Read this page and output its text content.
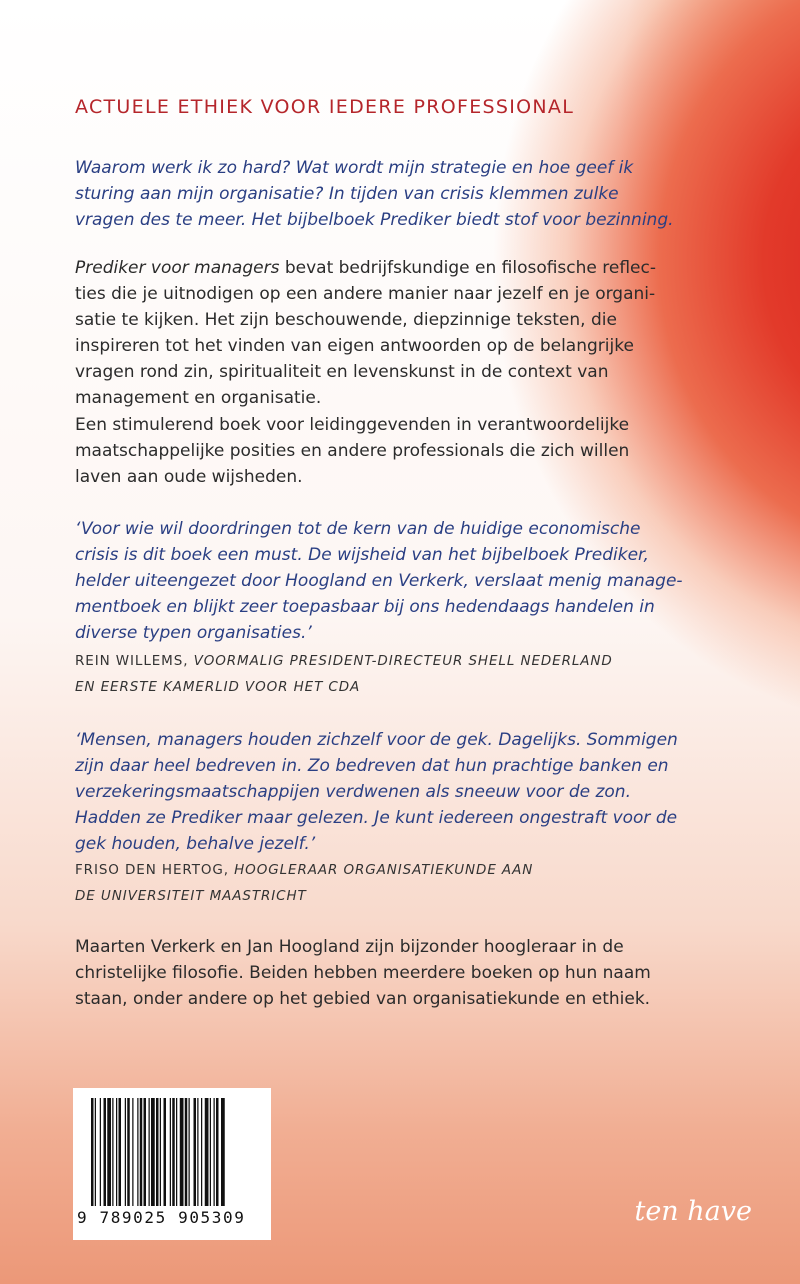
ACTUELE ETHIEK VOOR IEDERE PROFESSIONAL

Waarom werk ik zo hard? Wat wordt mijn strategie en hoe geef ik
sturing aan mijn organisatie? In tijden van crisis klemmen zulke
vragen des te meer. Het bijbelboek Prediker biedt stof voor bezinning.

Prediker voor managers bevat bedrijfskundige en filosofische reflec-
ties die je uitnodigen op een andere manier naar jezelf en je organi-
satie te kijken. Het zijn beschouwende, diepzinnige teksten, die
inspireren tot het vinden van eigen antwoorden op de belangrijke
vragen rond zin, spiritualiteit en levenskunst in de context van
management en organisatie.

Een stimulerend boek voor leidinggevenden in verantwoordelijke
maatschappelijke posities en andere professionals die zich willen
laven aan oude wijsheden.

‘Voor wie wil doordringen tot de kern van de huidige economische
crisis is dit boek een must. De wijsheid van het bijbelboek Prediker,
helder uiteengezet door Hoogland en Verkerk, verslaat menig manage-
mentboek en blijkt zeer toepasbaar bij ons hedendaags handelen in
diverse typen organisaties.’

REIN WILLEMS, VOORMALIG PRESIDENT-DIRECTEUR SHELL NEDERLAND
EN EERSTE KAMERLID VOOR HET CDA

‘Mensen, managers houden zichzelf voor de gek. Dagelijks. Sommigen
zijn daar heel bedreven in. Zo bedreven dat hun prachtige banken en
verzekeringsmaatschappijen verdwenen als sneeuw voor de zon.
Hadden ze Prediker maar gelezen. Je kunt iedereen ongestraft voor de
gek houden, behalve jezelf.’

FRISO DEN HERTOG, HOOGLERAAR ORGANISATIEKUNDE AAN
DE UNIVERSITEIT MAASTRICHT

Maarten Verkerk en Jan Hoogland zijn bijzonder hoogleraar in de
christelijke filosofie. Beiden hebben meerdere boeken op hun naam
staan, onder andere op het gebied van organisatiekunde en ethiek.

9 789025 905309	ten have
